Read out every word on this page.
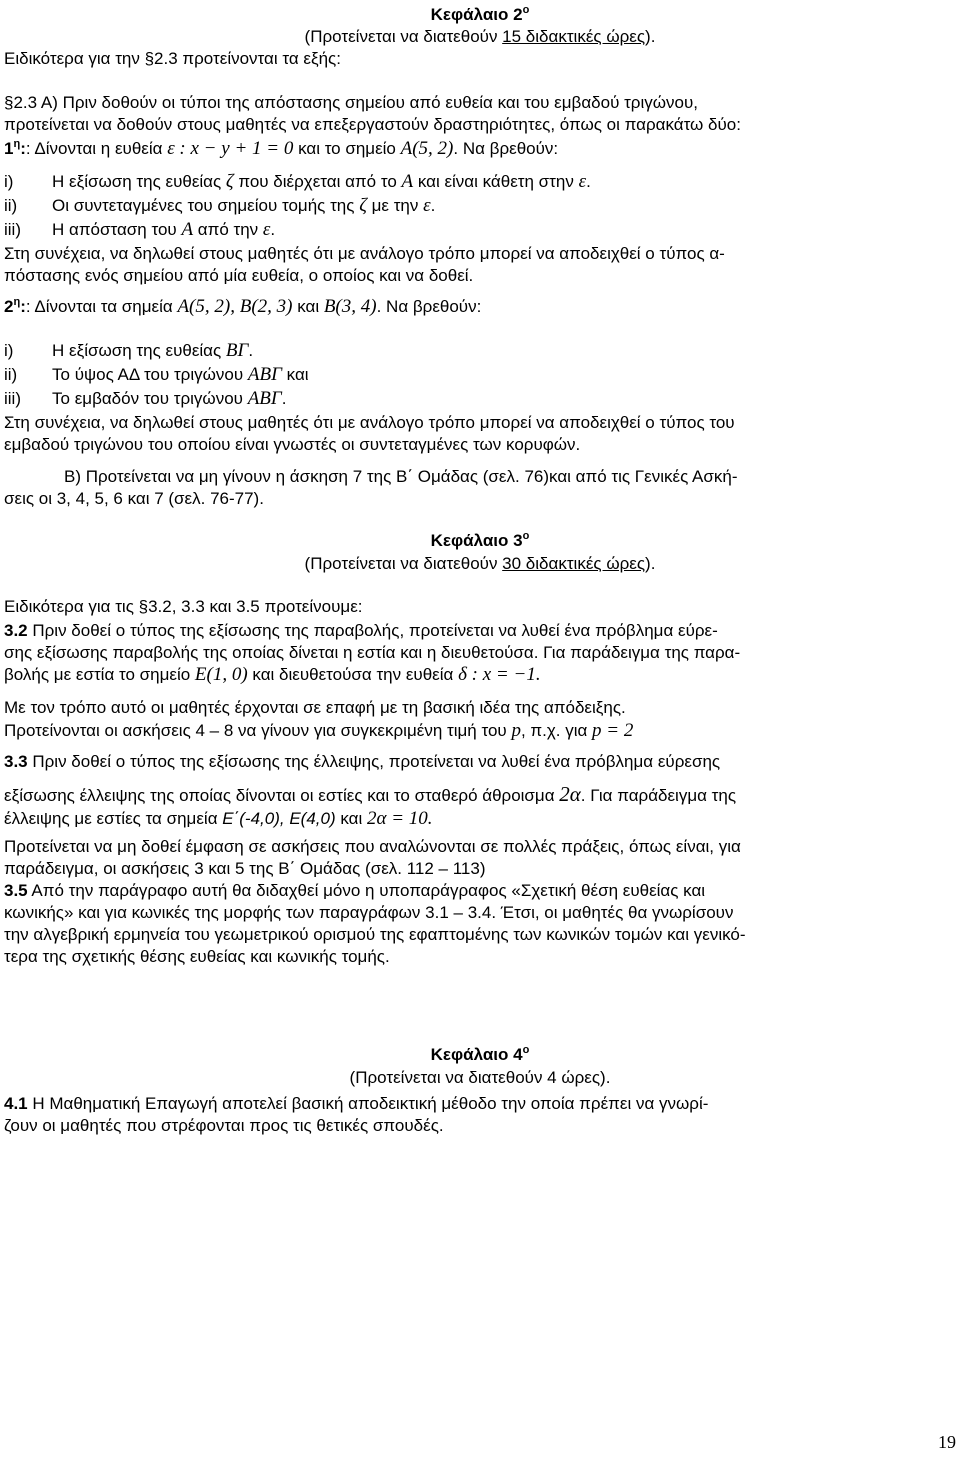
Κεφάλαιο $2^o$
(Προτείνεται να διατεθούν 15 διδακτικές ώρες).
Ειδικότερα για την §2.3 προτείνονται τα εξής:
§2.3 Α) Πριν δοθούν οι τύποι της απόστασης σημείου από ευθεία και του εμβαδού τριγώνου,
προτείνεται να δοθούν στους μαθητές να επεξεργαστούν δραστηριότητες, όπως οι παρακάτω δύο:
$1^\eta$:: Δίνονται η ευθεία ε : x − y + 1 = 0 και το σημείο A(5, 2). Να βρεθούν:
i) Η εξίσωση της ευθείας ζ που διέρχεται από το A και είναι κάθετη στην ε.
ii) Οι συντεταγμένες του σημείου τομής της ζ με την ε.
iii) Η απόσταση του A από την ε.
Στη συνέχεια, να δηλωθεί στους μαθητές ότι με ανάλογο τρόπο μπορεί να αποδειχθεί ο τύπος α-
πόστασης ενός σημείου από μία ευθεία, ο οποίος και να δοθεί.
$2^\eta$:: Δίνονται τα σημεία A(5, 2), B(2, 3) και B(3, 4). Να βρεθούν:
i) Η εξίσωση της ευθείας BΓ.
ii) Το ύψος ΑΔ του τριγώνου ABΓ και
iii) Το εμβαδόν του τριγώνου ABΓ.
Στη συνέχεια, να δηλωθεί στους μαθητές ότι με ανάλογο τρόπο μπορεί να αποδειχθεί ο τύπος του
εμβαδού τριγώνου του οποίου είναι γνωστές οι συντεταγμένες των κορυφών.
Β) Προτείνεται να μη γίνουν η άσκηση 7 της Β΄ Ομάδας (σελ. 76)και από τις Γενικές Ασκή-
σεις οι 3, 4, 5, 6 και 7 (σελ. 76-77).
Κεφάλαιο $3^o$
(Προτείνεται να διατεθούν 30 διδακτικές ώρες).
Ειδικότερα για τις §3.2, 3.3 και 3.5 προτείνουμε:
3.2 Πριν δοθεί ο τύπος της εξίσωσης της παραβολής, προτείνεται να λυθεί ένα πρόβλημα εύρε-
σης εξίσωσης παραβολής της οποίας δίνεται η εστία και η διευθετούσα. Για παράδειγμα της παρα-
βολής με εστία το σημείο E(1, 0) και διευθετούσα την ευθεία δ : x = −1.
Με τον τρόπο αυτό οι μαθητές έρχονται σε επαφή με τη βασική ιδέα της απόδειξης.
Προτείνονται οι ασκήσεις 4 – 8 να γίνουν για συγκεκριμένη τιμή του p, π.χ. για p = 2
3.3 Πριν δοθεί ο τύπος της εξίσωσης της έλλειψης, προτείνεται να λυθεί ένα πρόβλημα εύρεσης
εξίσωσης έλλειψης της οποίας δίνονται οι εστίες και το σταθερό άθροισμα 2α. Για παράδειγμα της
έλλειψης με εστίες τα σημεία E΄(-4,0), E(4,0) και 2α = 10.
Προτείνεται να μη δοθεί έμφαση σε ασκήσεις που αναλώνονται σε πολλές πράξεις, όπως είναι, για
παράδειγμα, οι ασκήσεις 3 και 5 της Β΄ Ομάδας (σελ. 112 – 113)
3.5 Από την παράγραφο αυτή θα διδαχθεί μόνο η υποπαράγραφος «Σχετική θέση ευθείας και
κωνικής» και για κωνικές της μορφής των παραγράφων 3.1 – 3.4. Έτσι, οι μαθητές θα γνωρίσουν
την αλγεβρική ερμηνεία του γεωμετρικού ορισμού της εφαπτομένης των κωνικών τομών και γενικό-
τερα της σχετικής θέσης ευθείας και κωνικής τομής.
Κεφάλαιο $4^o$
(Προτείνεται να διατεθούν 4 ώρες).
4.1 Η Μαθηματική Επαγωγή αποτελεί βασική αποδεικτική μέθοδο την οποία πρέπει να γνωρί-
ζουν οι μαθητές που στρέφονται προς τις θετικές σπουδές.
19
